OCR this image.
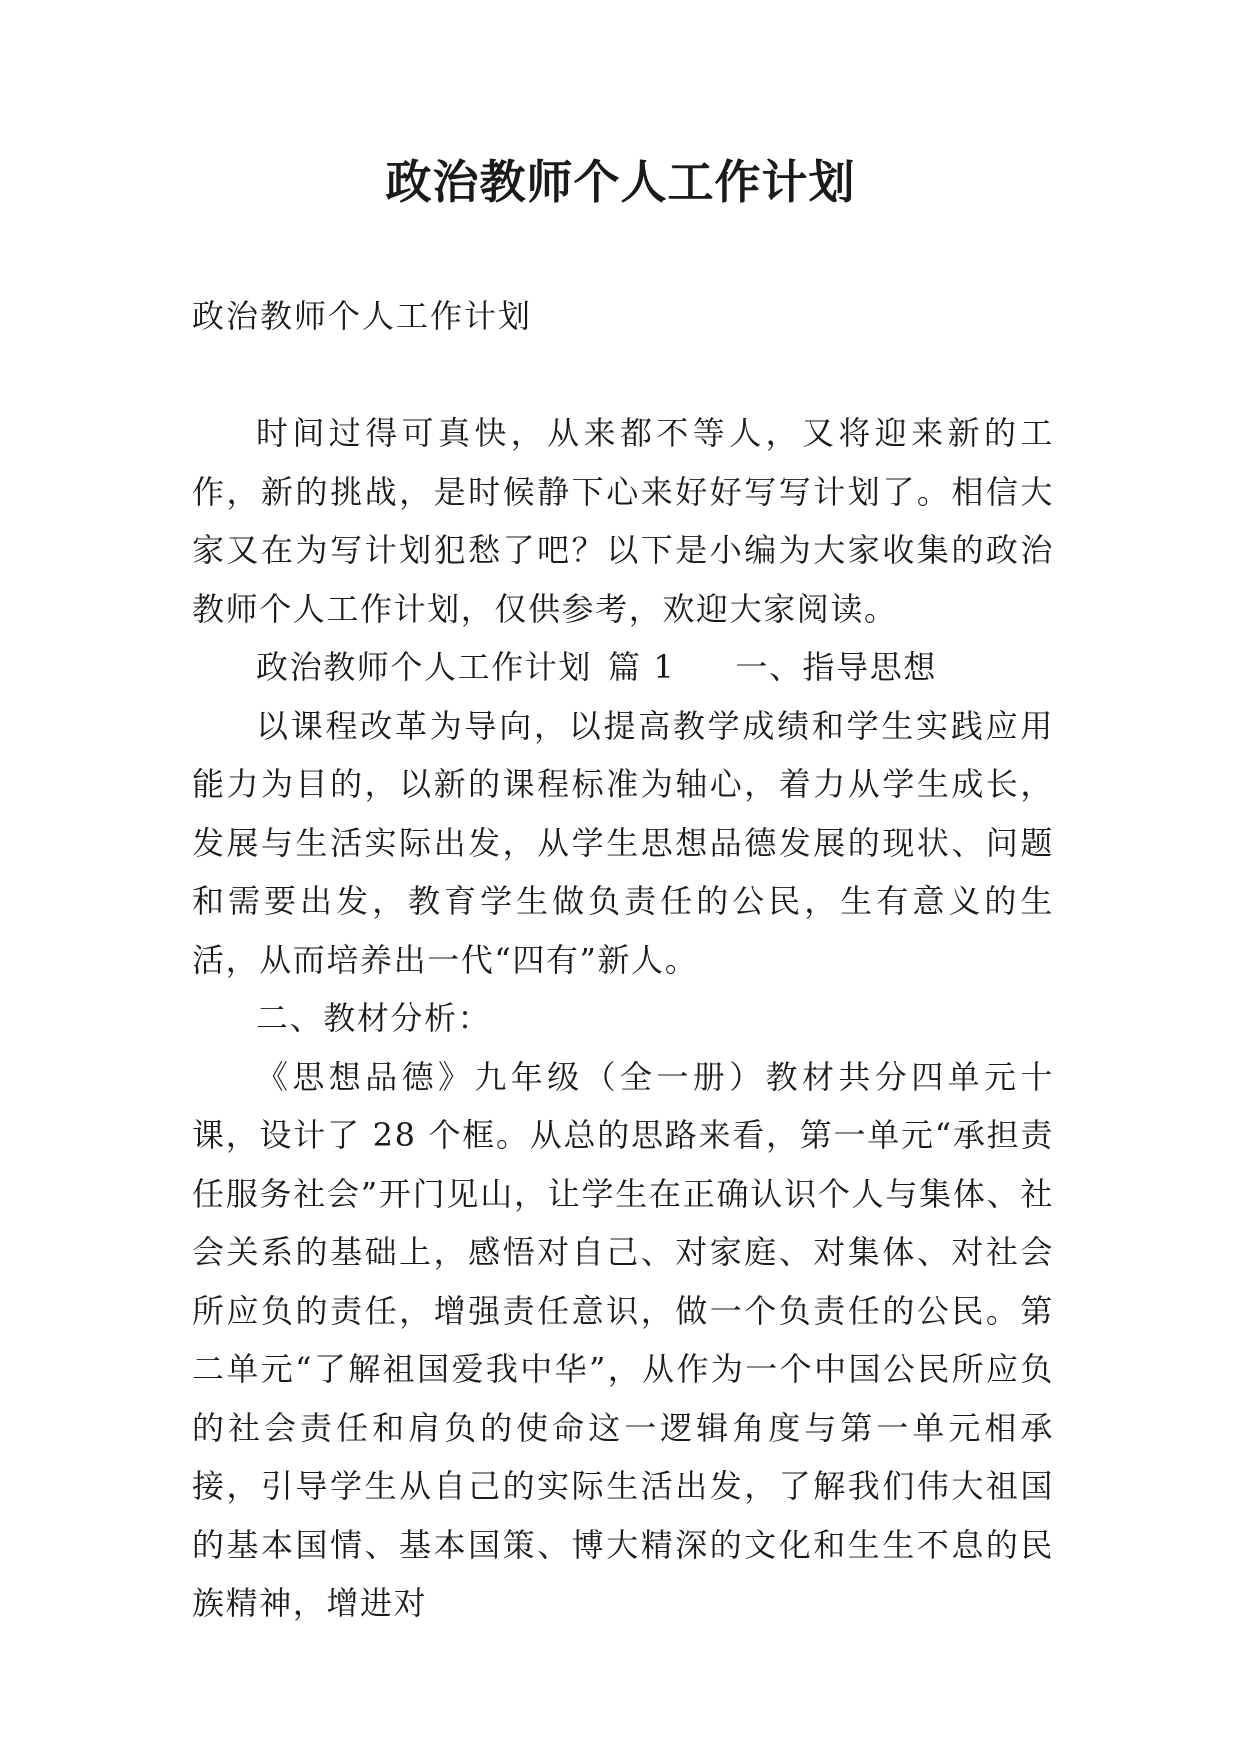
政治教师个人工作计划

政治教师个人工作计划

时间过得可真快，从来都不等人，又将迎来新的工作，新的挑战，是时候静下心来好好写写计划了。相信大家又在为写计划犯愁了吧？以下是小编为大家收集的政治教师个人工作计划，仅供参考，欢迎大家阅读。

政治教师个人工作计划 篇 1 一、指导思想

以课程改革为导向，以提高教学成绩和学生实践应用能力为目的，以新的课程标准为轴心，着力从学生成长，发展与生活实际出发，从学生思想品德发展的现状、问题和需要出发，教育学生做负责任的公民，生有意义的生活，从而培养出一代“四有”新人。

二、教材分析：

《思想品德》九年级（全一册）教材共分四单元十课，设计了 28 个框。从总的思路来看，第一单元“承担责任服务社会”开门见山，让学生在正确认识个人与集体、社会关系的基础上，感悟对自己、对家庭、对集体、对社会所应负的责任，增强责任意识，做一个负责任的公民。第二单元“了解祖国爱我中华”，从作为一个中国公民所应负的社会责任和肩负的使命这一逻辑角度与第一单元相承接，引导学生从自己的实际生活出发，了解我们伟大祖国的基本国情、基本国策、博大精深的文化和生生不息的民族精神，增进对
